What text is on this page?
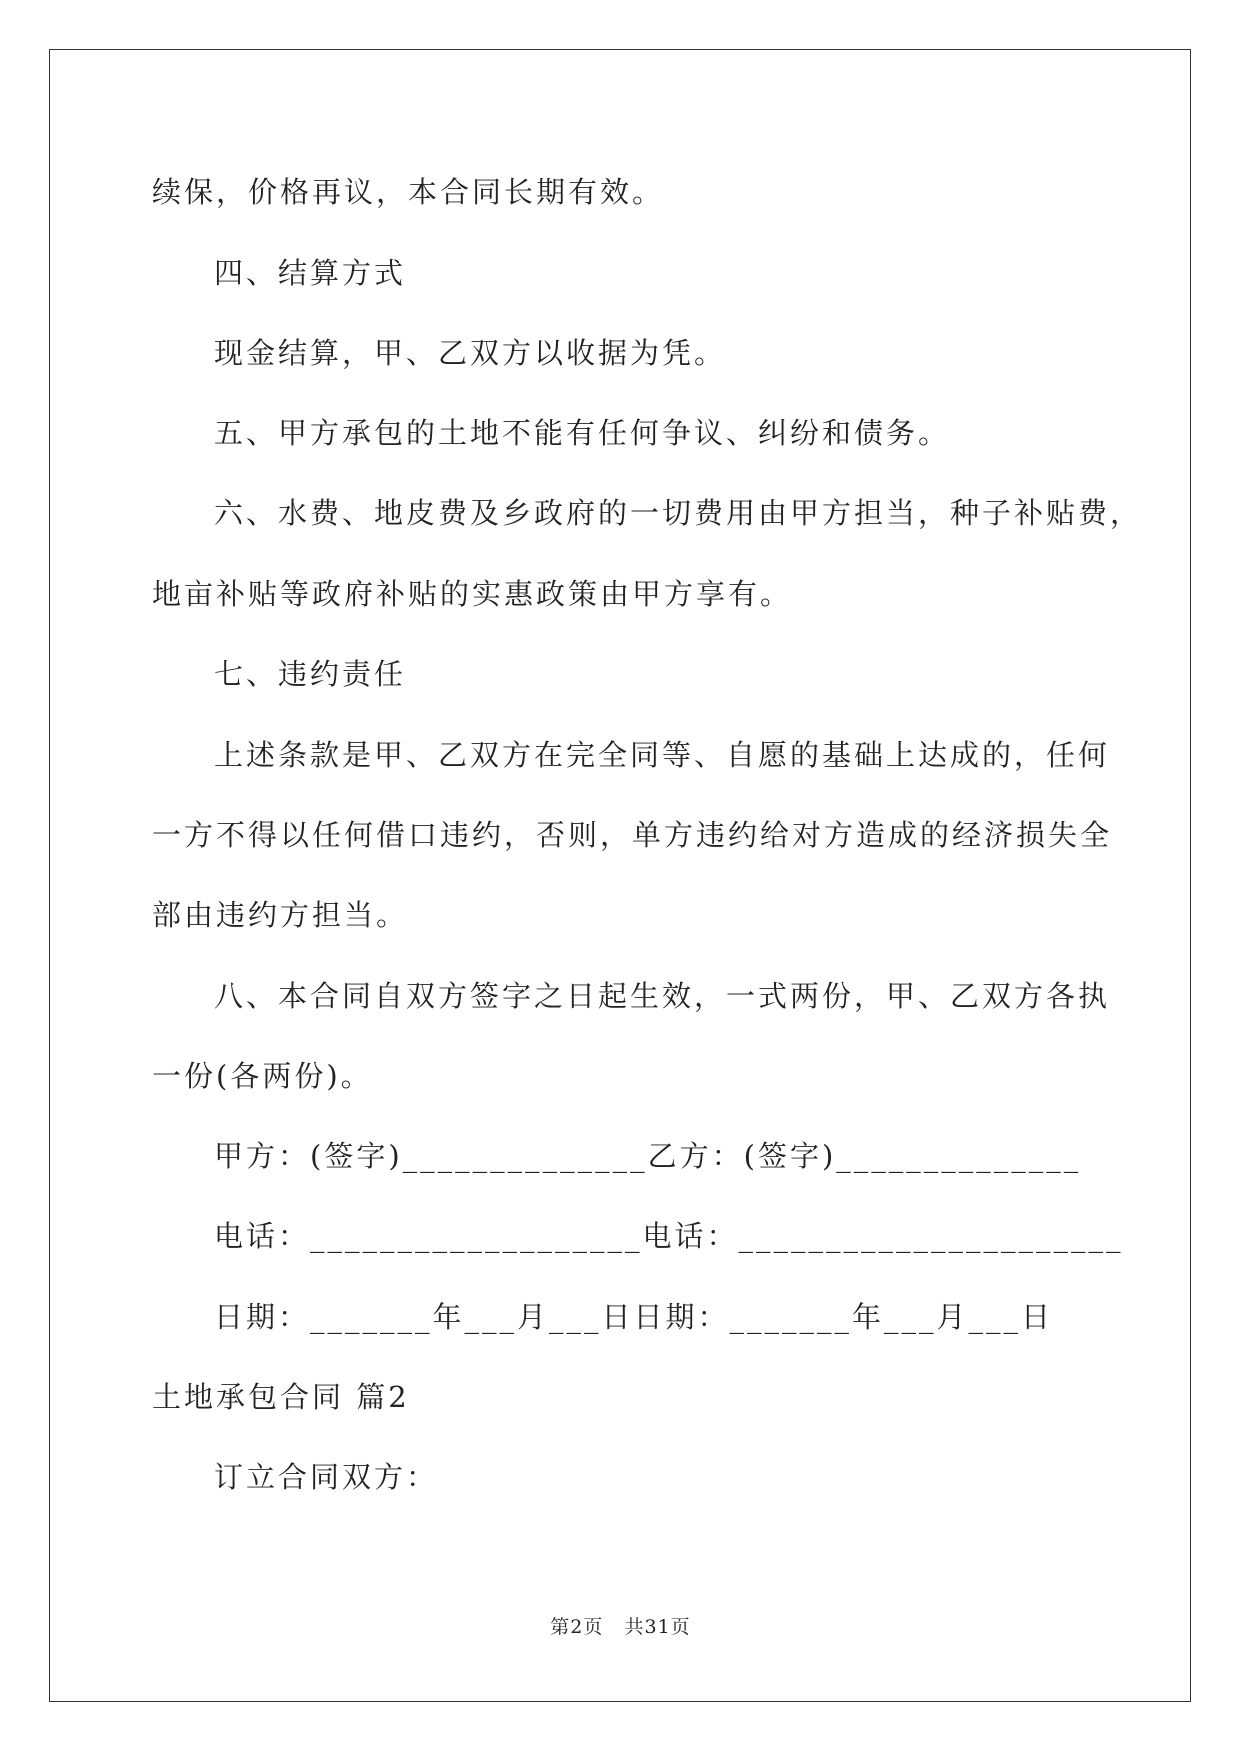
续保，价格再议，本合同长期有效。
四、结算方式
现金结算，甲、乙双方以收据为凭。
五、甲方承包的土地不能有任何争议、纠纷和债务。
六、水费、地皮费及乡政府的一切费用由甲方担当，种子补贴费，
地亩补贴等政府补贴的实惠政策由甲方享有。
七、违约责任
上述条款是甲、乙双方在完全同等、自愿的基础上达成的，任何
一方不得以任何借口违约，否则，单方违约给对方造成的经济损失全
部由违约方担当。
八、本合同自双方签字之日起生效，一式两份，甲、乙双方各执
一份(各两份)。
甲方：(签字)______________乙方：(签字)______________
电话：___________________电话：______________________
日期：_______年___月___日日期：_______年___月___日
土地承包合同 篇2
订立合同双方：
第2页   共31页
